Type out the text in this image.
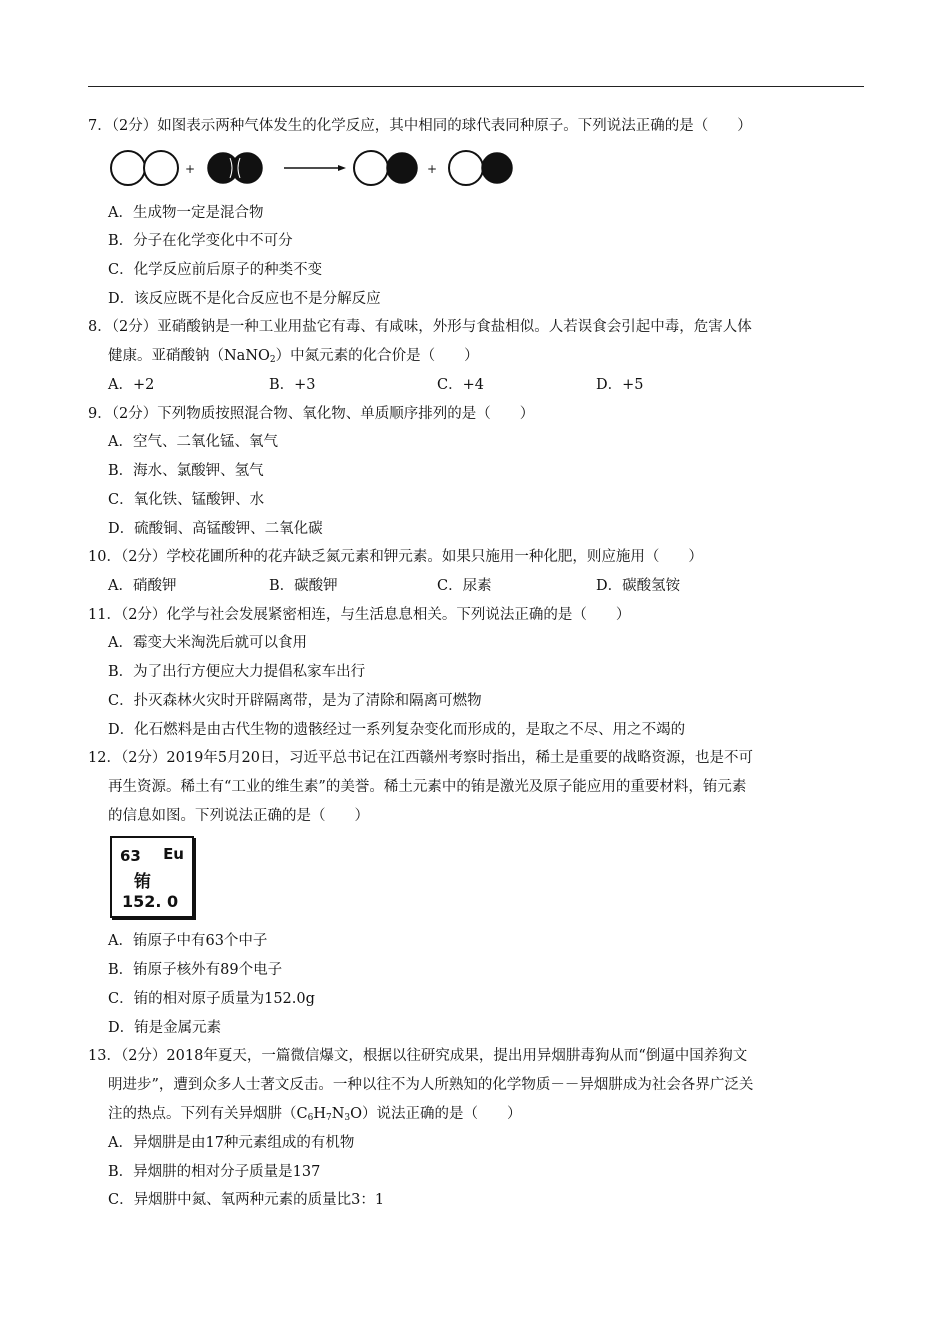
7．（2分）如图表示两种气体发生的化学反应，其中相同的球代表同种原子。下列说法正确的是（　　）
+	+
A．生成物一定是混合物
B．分子在化学变化中不可分
C．化学反应前后原子的种类不变
D．该反应既不是化合反应也不是分解反应
8．（2分）亚硝酸钠是一种工业用盐它有毒、有咸味，外形与食盐相似。人若误食会引起中毒，危害人体
健康。亚硝酸钠（NaNO$_2$）中氮元素的化合价是（　　）
A．+2	B．+3	C．+4	D．+5
9．（2分）下列物质按照混合物、氧化物、单质顺序排列的是（　　）
A．空气、二氧化锰、氧气
B．海水、氯酸钾、氢气
C．氧化铁、锰酸钾、水
D．硫酸铜、高锰酸钾、二氧化碳
10．（2分）学校花圃所种的花卉缺乏氮元素和钾元素。如果只施用一种化肥，则应施用（　　）
A．硝酸钾	B．碳酸钾	C．尿素	D．碳酸氢铵
11．（2分）化学与社会发展紧密相连，与生活息息相关。下列说法正确的是（　　）
A．霉变大米淘洗后就可以食用
B．为了出行方便应大力提倡私家车出行
C．扑灭森林火灾时开辟隔离带，是为了清除和隔离可燃物
D．化石燃料是由古代生物的遗骸经过一系列复杂变化而形成的，是取之不尽、用之不竭的
12．（2分）2019年5月20日，习近平总书记在江西赣州考察时指出，稀土是重要的战略资源，也是不可
再生资源。稀土有“工业的维生素”的美誉。稀土元素中的铕是激光及原子能应用的重要材料，铕元素
的信息如图。下列说法正确的是（　　）
63 Eu
铕
152. 0
A．铕原子中有63个中子
B．铕原子核外有89个电子
C．铕的相对原子质量为152.0g
D．铕是金属元素
13．（2分）2018年夏天，一篇微信爆文，根据以往研究成果，提出用异烟肼毒狗从而“倒逼中国养狗文
明进步”，遭到众多人士著文反击。一种以往不为人所熟知的化学物质－－异烟肼成为社会各界广泛关
注的热点。下列有关异烟肼$(C_6H_7N_3O)$说法正确的是（　　）
A．异烟肼是由17种元素组成的有机物
B．异烟肼的相对分子质量是137
C．异烟肼中氮、氧两种元素的质量比3：1
